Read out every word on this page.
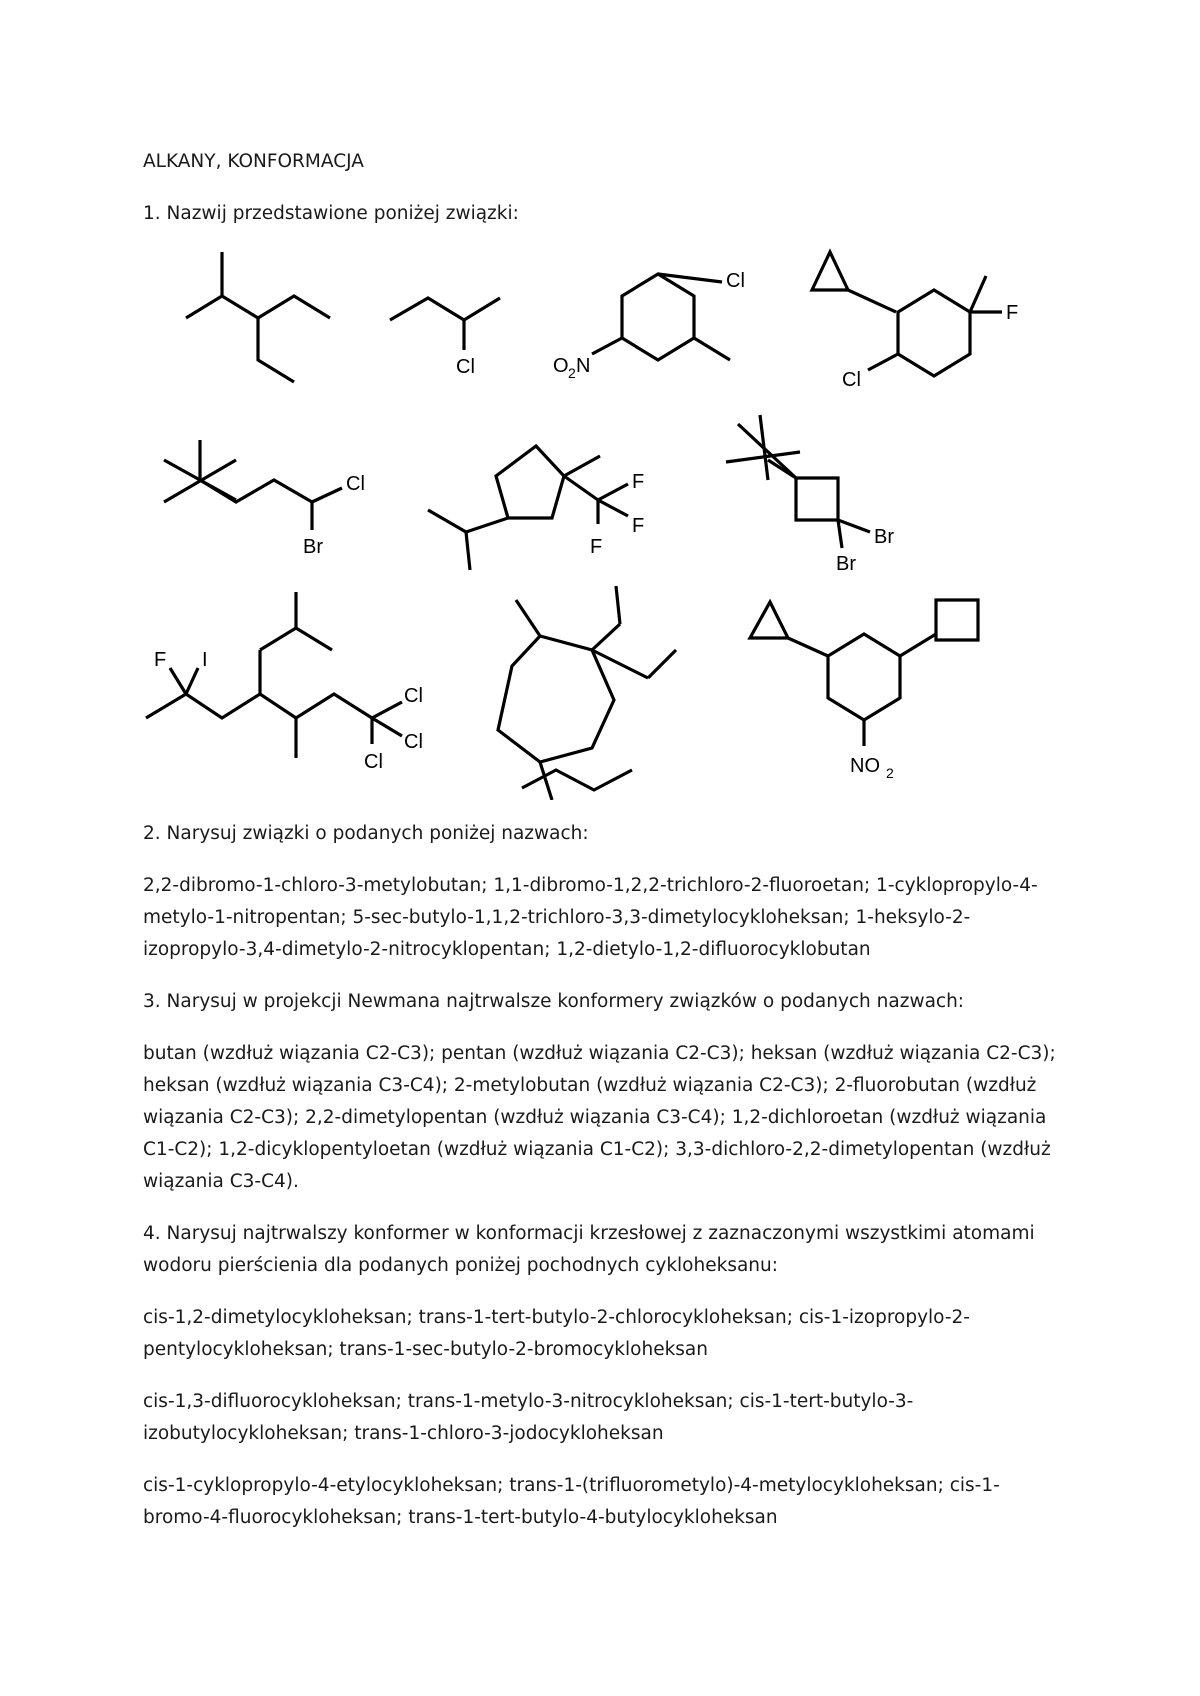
ALKANY, KONFORMACJA
1. Nazwij przedstawione poniżej związki:
Cl
Cl
O 2 N
F
Cl
Cl
Br
F
F
F	Br
Br
F I
Cl
Cl
Cl	NO 2
2. Narysuj związki o podanych poniżej nazwach:
2,2-dibromo-1-chloro-3-metylobutan; 1,1-dibromo-1,2,2-trichloro-2-fluoroetan; 1-cyklopropylo-4-metylo-1-nitropentan; 5-sec-butylo-1,1,2-trichloro-3,3-dimetylocykloheksan; 1-heksylo-2-izopropylo-3,4-dimetylo-2-nitrocyklopentan; 1,2-dietylo-1,2-difluorocyklobutan
3. Narysuj w projekcji Newmana najtrwalsze konformery związków o podanych nazwach:
butan (wzdłuż wiązania C2-C3); pentan (wzdłuż wiązania C2-C3); heksan (wzdłuż wiązania C2-C3); heksan (wzdłuż wiązania C3-C4); 2-metylobutan (wzdłuż wiązania C2-C3); 2-fluorobutan (wzdłuż wiązania C2-C3); 2,2-dimetylopentan (wzdłuż wiązania C3-C4); 1,2-dichloroetan (wzdłuż wiązania C1-C2); 1,2-dicyklopentyloetan (wzdłuż wiązania C1-C2); 3,3-dichloro-2,2-dimetylopentan (wzdłuż wiązania C3-C4).
4. Narysuj najtrwalszy konformer w konformacji krzesłowej z zaznaczonymi wszystkimi atomami wodoru pierścienia dla podanych poniżej pochodnych cykloheksanu:
cis-1,2-dimetylocykloheksan; trans-1-tert-butylo-2-chlorocykloheksan; cis-1-izopropylo-2-pentylocykloheksan; trans-1-sec-butylo-2-bromocykloheksan
cis-1,3-difluorocykloheksan; trans-1-metylo-3-nitrocykloheksan; cis-1-tert-butylo-3-izobutylocykloheksan; trans-1-chloro-3-jodocykloheksan
cis-1-cyklopropylo-4-etylocykloheksan; trans-1-(trifluorometylo)-4-metylocykloheksan; cis-1-bromo-4-fluorocykloheksan; trans-1-tert-butylo-4-butylocykloheksan
